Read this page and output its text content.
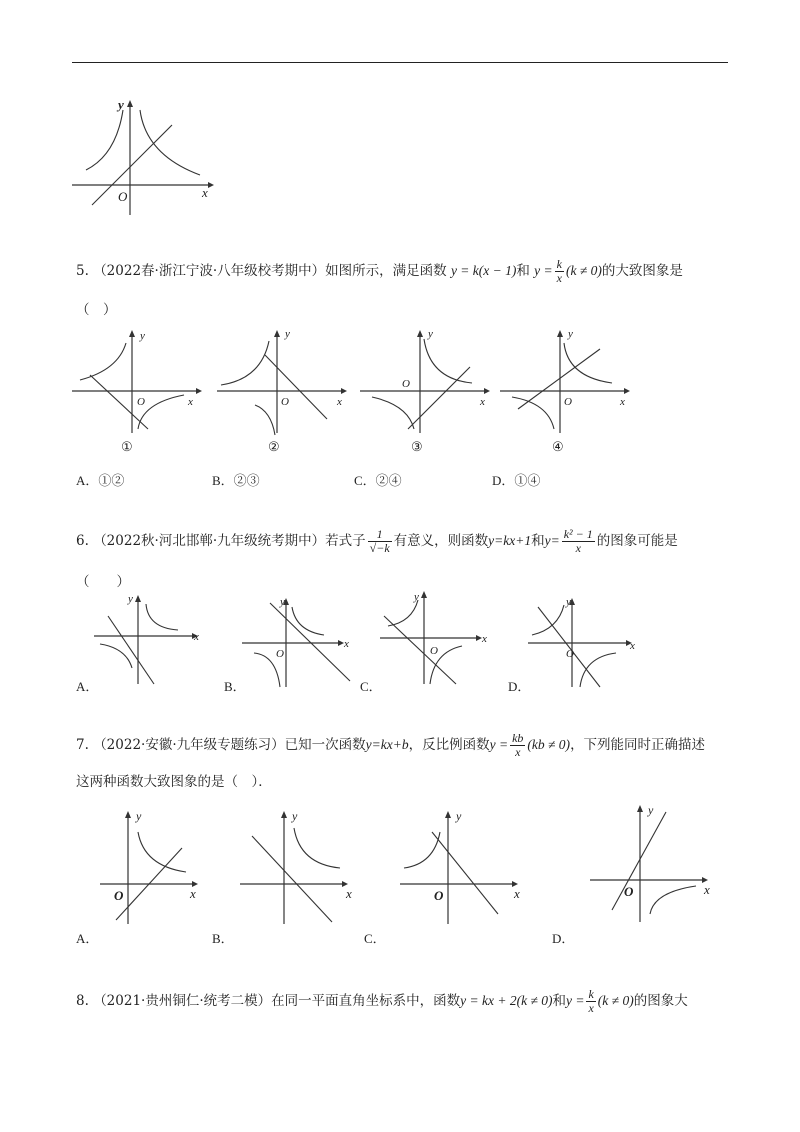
y
x
O
5. （2022春·浙江宁波·八年级校考期中）如图所示，满足函数 y = k(x − 1)和 $y = \frac{k}{x} (k \ne 0)$的大致图象是
（　）
y
x
O
①
y
x
O
②
y
x
O
③
y
x
O
④
A．①②	B．②③	C．②④	D．①④
6. （2022秋·河北邯郸·九年级统考期中）若式子 $\frac{1}{√-k}$ 有意义，则函数y=kx+1和$y= \frac{\text{k² − 1}}{x}$ 的图象可能是
（　　）
y
x
A．
y
x
O
B．
y
x
O
C．
y
x
O
D．
7. （2022·安徽·九年级专题练习）已知一次函数y=kx+b，反比例函数$y = \frac{kb}{x} (kb \ne 0)$，下列能同时正确描述
这两种函数大致图象的是（　）．
y
x
O
A．
y
x
B．
y
x
O
C．
y
x
O
D．
8. （2021·贵州铜仁·统考二模）在同一平面直角坐标系中，函数y = kx + 2(k ≠ 0)和$y = \frac{k}{x} (k \ne 0)$的图象大
